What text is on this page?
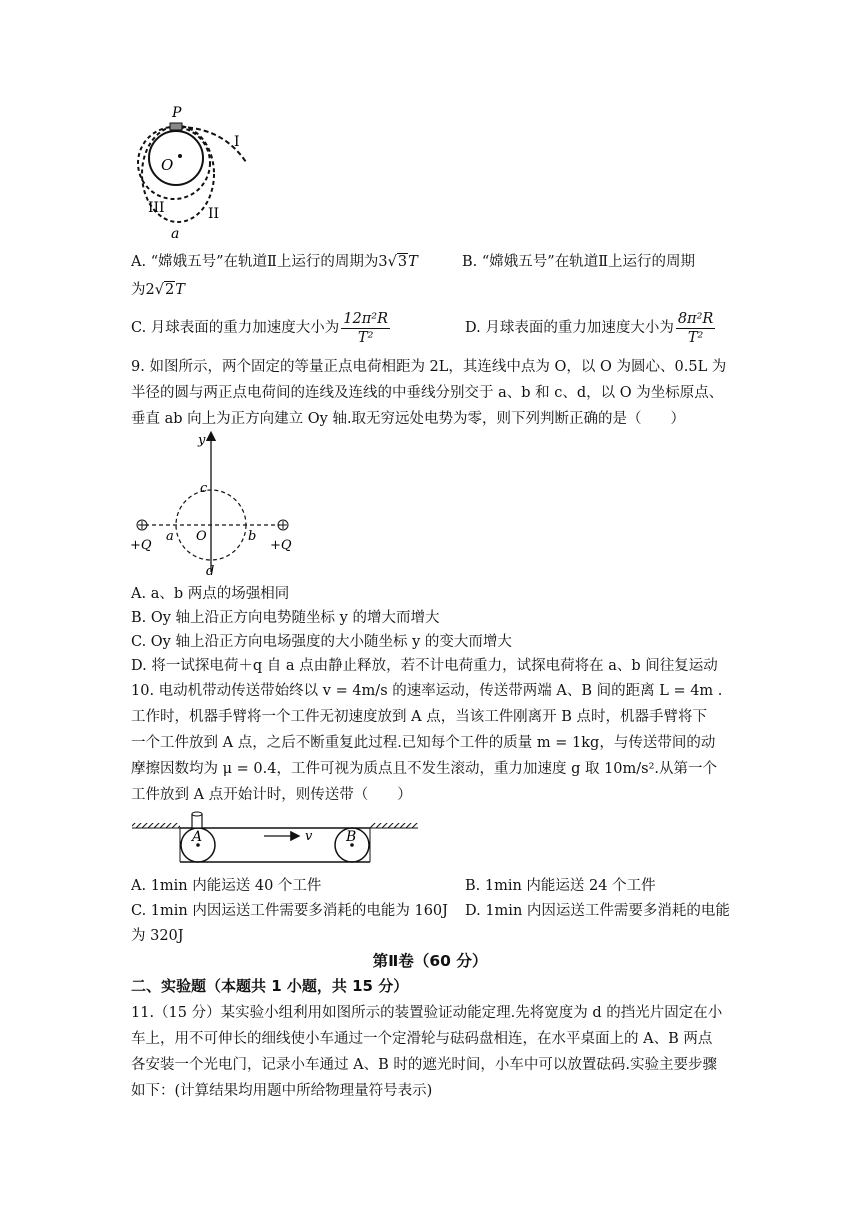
P
O
I
III	II
a
A. “嫦娥五号”在轨道Ⅱ上运行的周期为3√3T	B. “嫦娥五号”在轨道Ⅱ上运行的周期
为2√2T
C. 月球表面的重力加速度大小为 $\frac{\text{12π²R}}{\text{T²}}$	D. 月球表面的重力加速度大小为 $\frac{\text{8π²R}}{\text{T²}}$
9. 如图所示，两个固定的等量正点电荷相距为 2L，其连线中点为 O，以 O 为圆心、0.5L 为
半径的圆与两正点电荷间的连线及连线的中垂线分别交于 a、b 和 c、d，以 O 为坐标原点、
垂直 ab 向上为正方向建立 Oy 轴.取无穷远处电势为零，则下列判断正确的是（　　）
y
c
a O	b
d
+Q	+Q
A. a、b 两点的场强相同
B. Oy 轴上沿正方向电势随坐标 y 的增大而增大
C. Oy 轴上沿正方向电场强度的大小随坐标 y 的变大而增大
D. 将一试探电荷＋q 自 a 点由静止释放，若不计电荷重力，试探电荷将在 a、b 间往复运动
10. 电动机带动传送带始终以 v = 4m/s 的速率运动，传送带两端 A、B 间的距离 L = 4m .
工作时，机器手臂将一个工件无初速度放到 A 点，当该工件刚离开 B 点时，机器手臂将下
一个工件放到 A 点，之后不断重复此过程.已知每个工件的质量 m = 1kg，与传送带间的动
摩擦因数均为 μ = 0.4，工件可视为质点且不发生滚动，重力加速度 g 取 10m/s².从第一个
工件放到 A 点开始计时，则传送带（　　）
v
A	B
A. 1min 内能运送 40 个工件	B. 1min 内能运送 24 个工件
C. 1min 内因运送工件需要多消耗的电能为 160J D. 1min 内因运送工件需要多消耗的电能
为 320J
第Ⅱ卷（60 分）
二、实验题（本题共 1 小题，共 15 分）
11.（15 分）某实验小组利用如图所示的装置验证动能定理.先将宽度为 d 的挡光片固定在小
车上，用不可伸长的细线使小车通过一个定滑轮与砝码盘相连，在水平桌面上的 A、B 两点
各安装一个光电门，记录小车通过 A、B 时的遮光时间，小车中可以放置砝码.实验主要步骤
如下：(计算结果均用题中所给物理量符号表示)
